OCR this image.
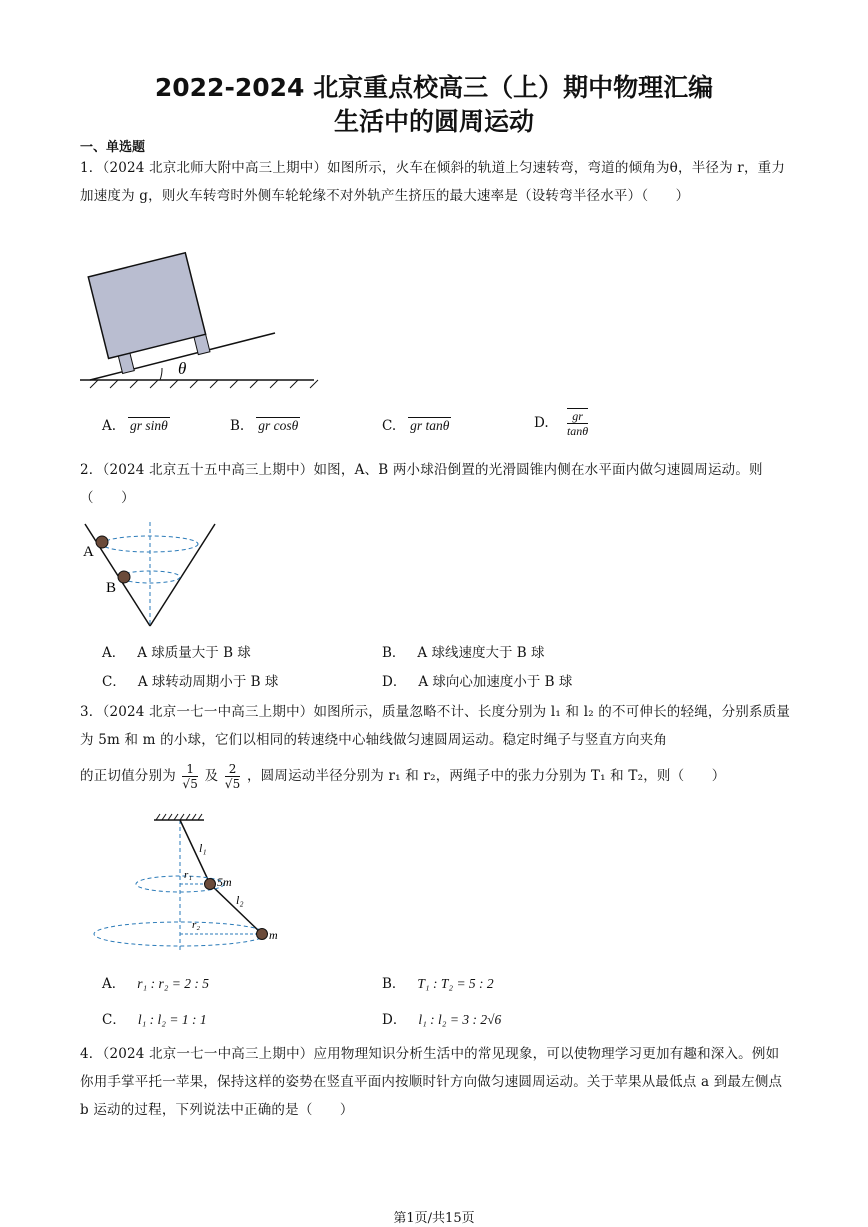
2022-2024 北京重点校高三（上）期中物理汇编
生活中的圆周运动
一、单选题
1．（2024 北京北师大附中高三上期中）如图所示，火车在倾斜的轨道上匀速转弯，弯道的倾角为θ，半径为 r，重力加速度为 g，则火车转弯时外侧车轮轮缘不对外轨产生挤压的最大速率是（设转弯半径水平）（　　）
θ
A. gr sinθ	B. gr cosθ	C. gr tanθ	D. $\frac{gr}{\tan\theta}$
2．（2024 北京五十五中高三上期中）如图，A、B 两小球沿倒置的光滑圆锥内侧在水平面内做匀速圆周运动。则（　　）
A
B
A． A 球质量大于 B 球	B． A 球线速度大于 B 球
C． A 球转动周期小于 B 球	D． A 球向心加速度小于 B 球
3．（2024 北京一七一中高三上期中）如图所示，质量忽略不计、长度分别为 l₁ 和 l₂ 的不可伸长的轻绳，分别系质量为 5m 和 m 的小球，它们以相同的转速绕中心轴线做匀速圆周运动。稳定时绳子与竖直方向夹角
的正切值分别为 $\frac{1}{√5}$ 及 $\frac{2}{√5}$ ，圆周运动半径分别为 r₁ 和 r₂，两绳子中的张力分别为 T₁ 和 T₂，则（　　）
l₁
l₂
r₁
r₂
5m
m
A． r₁ : r₂ = 2 : 5	B． T₁ : T₂ = 5 : 2
C． l₁ : l₂ = 1 : 1	D． l₁ : l₂ = 3 : 2√6
4．（2024 北京一七一中高三上期中）应用物理知识分析生活中的常见现象，可以使物理学习更加有趣和深入。例如你用手掌平托一苹果，保持这样的姿势在竖直平面内按顺时针方向做匀速圆周运动。关于苹果从最低点 a 到最左侧点 b 运动的过程，下列说法中正确的是（　　）
第1页/共15页
